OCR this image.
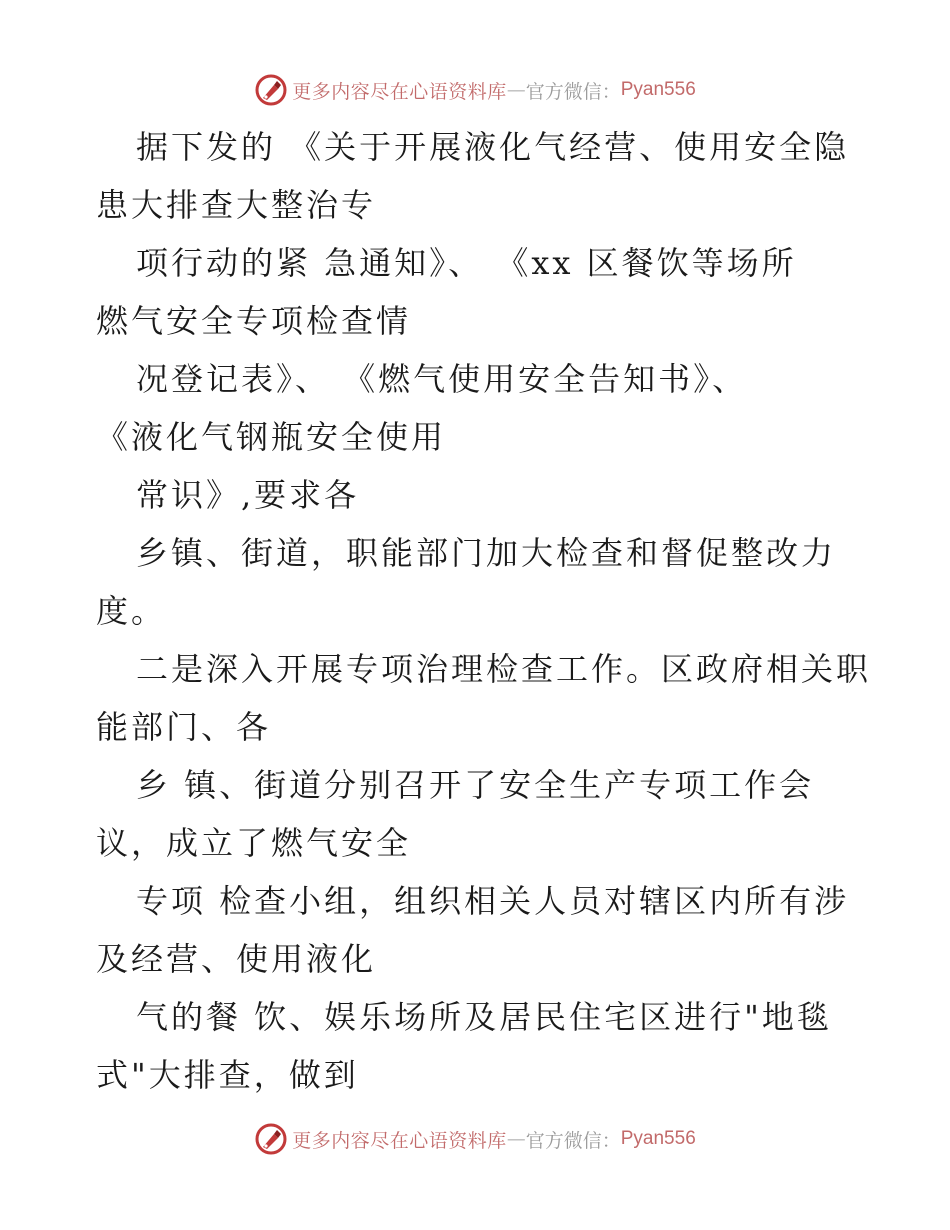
更多内容尽在心语资料库 — 官方微信： Pyan556
据下发的 《关于开展液化气经营、使用安全隐
患大排查大整治专
项行动的紧 急通知》、 《xx 区餐饮等场所
燃气安全专项检查情
况登记表》、 《燃气使用安全告知书》、
《液化气钢瓶安全使用
常识》,要求各
乡镇、街道，职能部门加大检查和督促整改力
度。
二是深入开展专项治理检查工作。区政府相关职
能部门、各
乡 镇、街道分别召开了安全生产专项工作会
议，成立了燃气安全
专项 检查小组，组织相关人员对辖区内所有涉
及经营、使用液化
气的餐 饮、娱乐场所及居民住宅区进行"地毯
式"大排查，做到
更多内容尽在心语资料库 — 官方微信： Pyan556
